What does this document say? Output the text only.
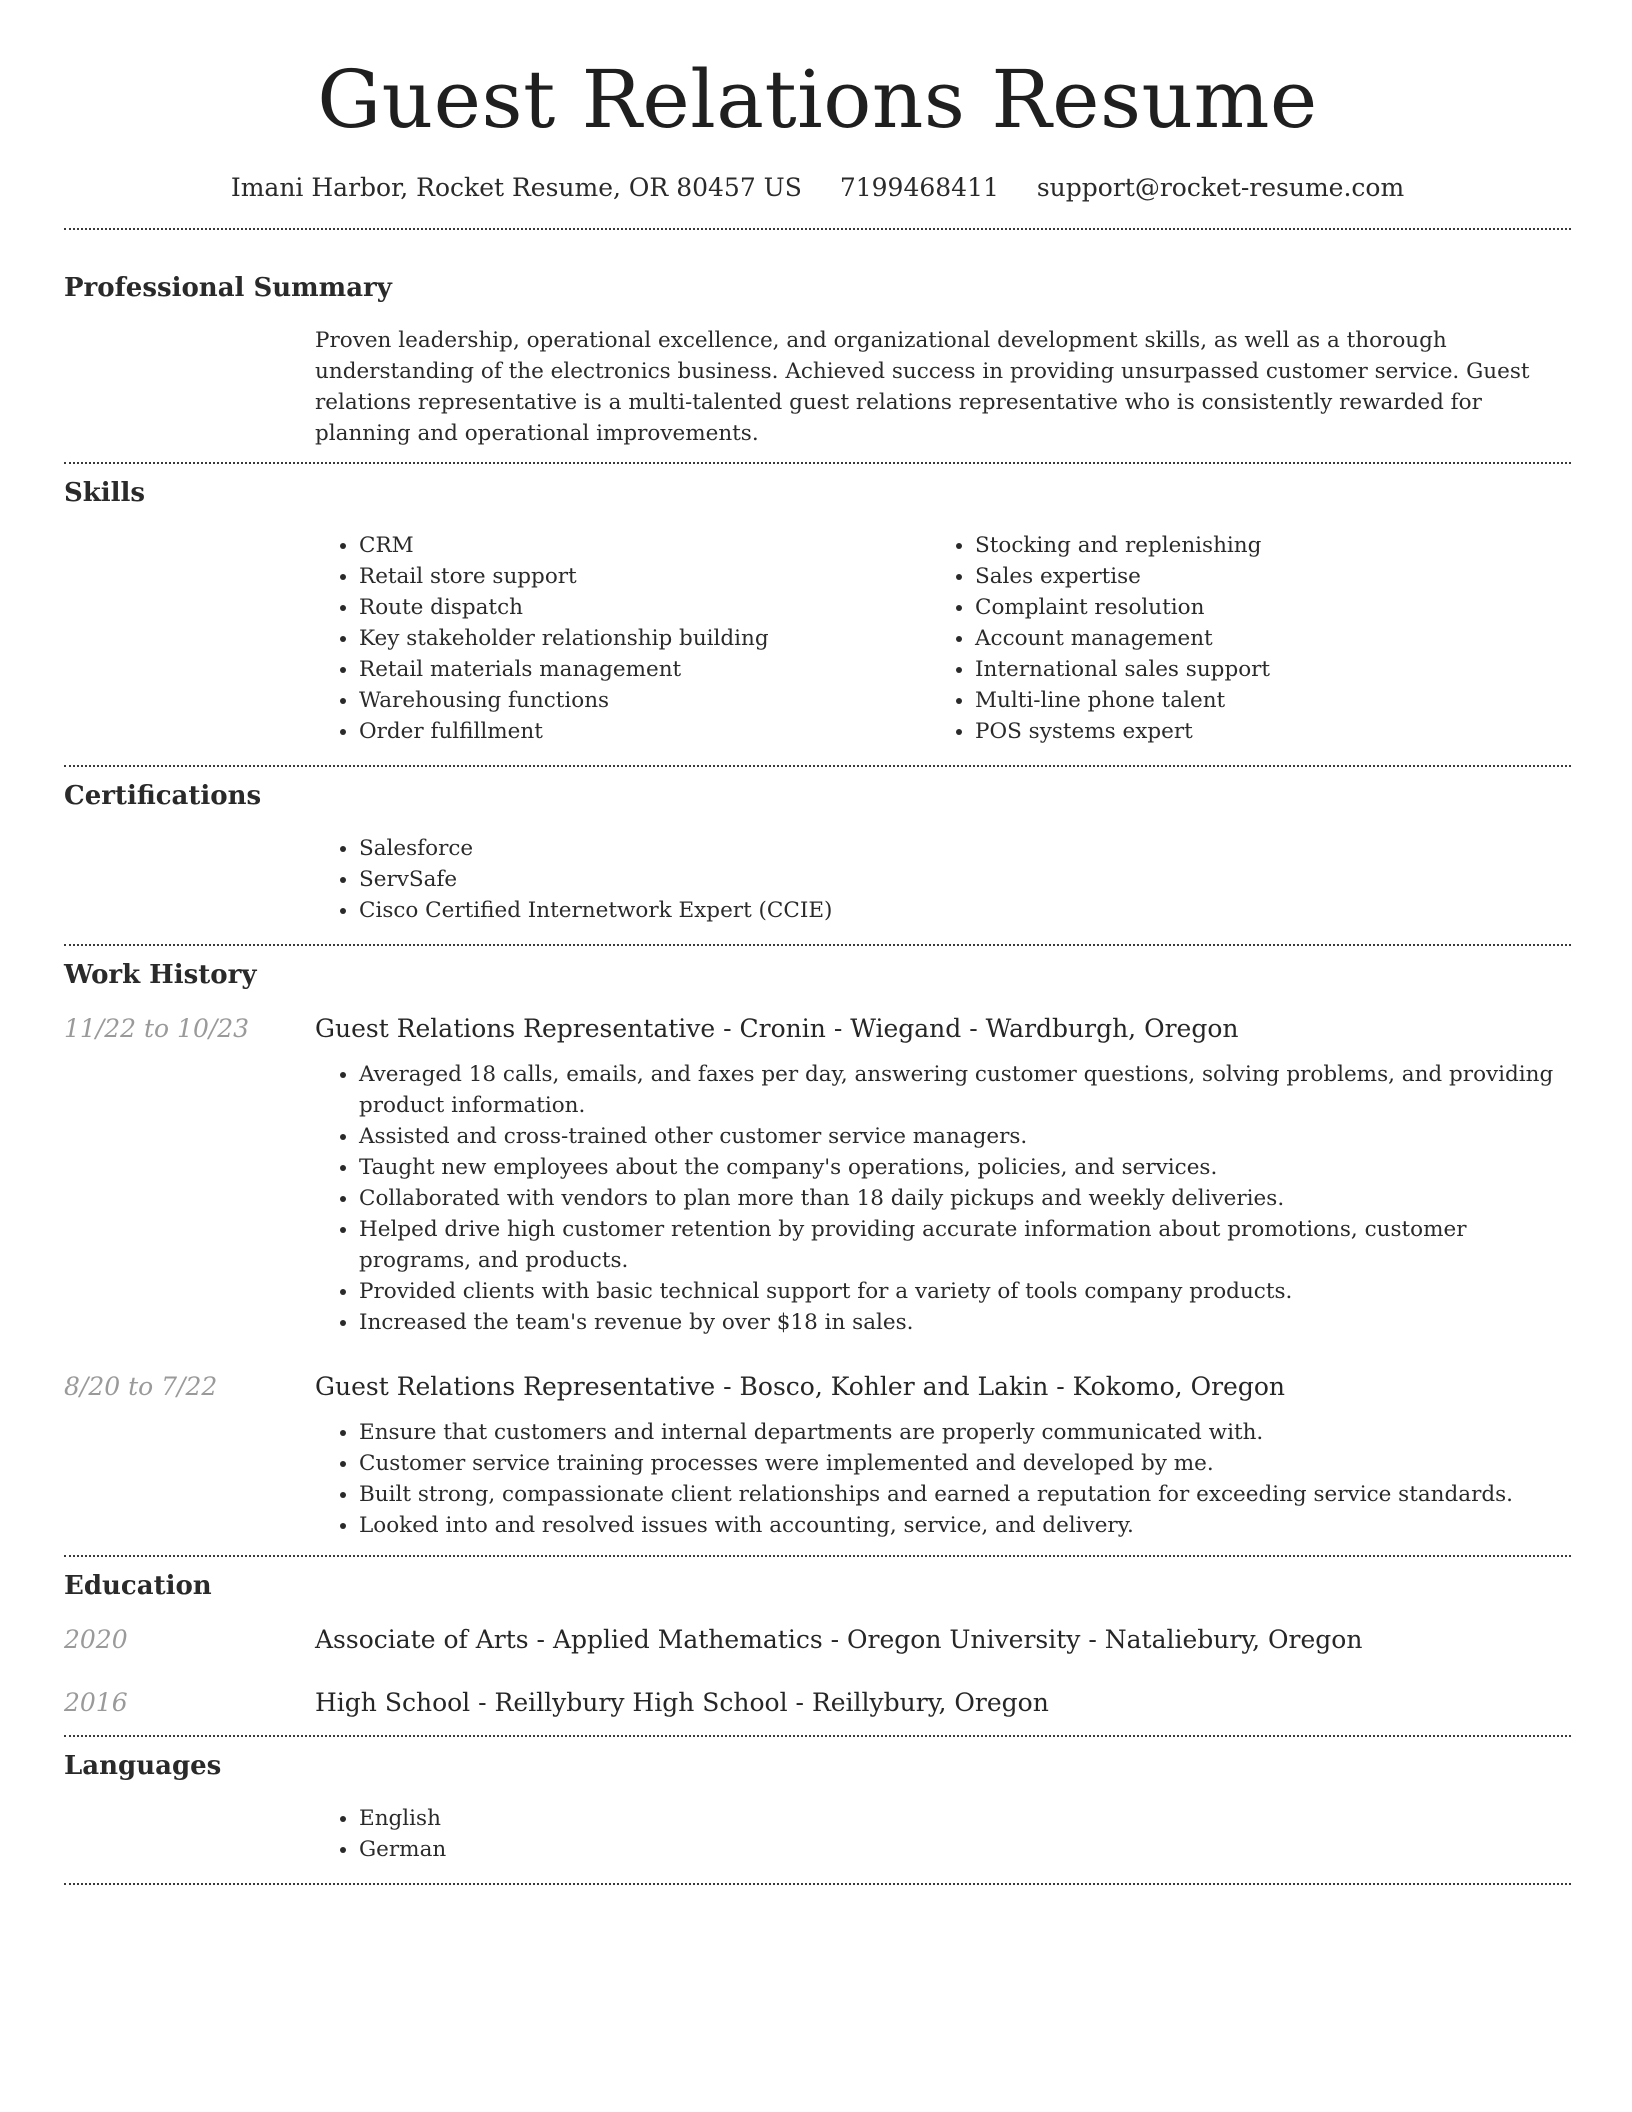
Guest Relations Resume
Imani Harbor, Rocket Resume, OR 80457 US 7199468411 support@rocket-resume.com
Professional Summary
Proven leadership, operational excellence, and organizational development skills, as well as a thorough understanding of the electronics business. Achieved success in providing unsurpassed customer service. Guest relations representative is a multi-talented guest relations representative who is consistently rewarded for planning and operational improvements.
Skills
• CRM
• Retail store support
• Route dispatch
• Key stakeholder relationship building
• Retail materials management
• Warehousing functions
• Order fulfillment
• Stocking and replenishing
• Sales expertise
• Complaint resolution
• Account management
• International sales support
• Multi-line phone talent
• POS systems expert
Certifications
• Salesforce
• ServSafe
• Cisco Certified Internetwork Expert (CCIE)
Work History
11/22 to 10/23	Guest Relations Representative - Cronin - Wiegand - Wardburgh, Oregon
• Averaged 18 calls, emails, and faxes per day, answering customer questions, solving problems, and providing product information.
• Assisted and cross-trained other customer service managers.
• Taught new employees about the company's operations, policies, and services.
• Collaborated with vendors to plan more than 18 daily pickups and weekly deliveries.
• Helped drive high customer retention by providing accurate information about promotions, customer programs, and products.
• Provided clients with basic technical support for a variety of tools company products.
• Increased the team's revenue by over $18 in sales.
8/20 to 7/22	Guest Relations Representative - Bosco, Kohler and Lakin - Kokomo, Oregon
• Ensure that customers and internal departments are properly communicated with.
• Customer service training processes were implemented and developed by me.
• Built strong, compassionate client relationships and earned a reputation for exceeding service standards.
• Looked into and resolved issues with accounting, service, and delivery.
Education
2020	Associate of Arts - Applied Mathematics - Oregon University - Nataliebury, Oregon
2016	High School - Reillybury High School - Reillybury, Oregon
Languages
• English
• German
